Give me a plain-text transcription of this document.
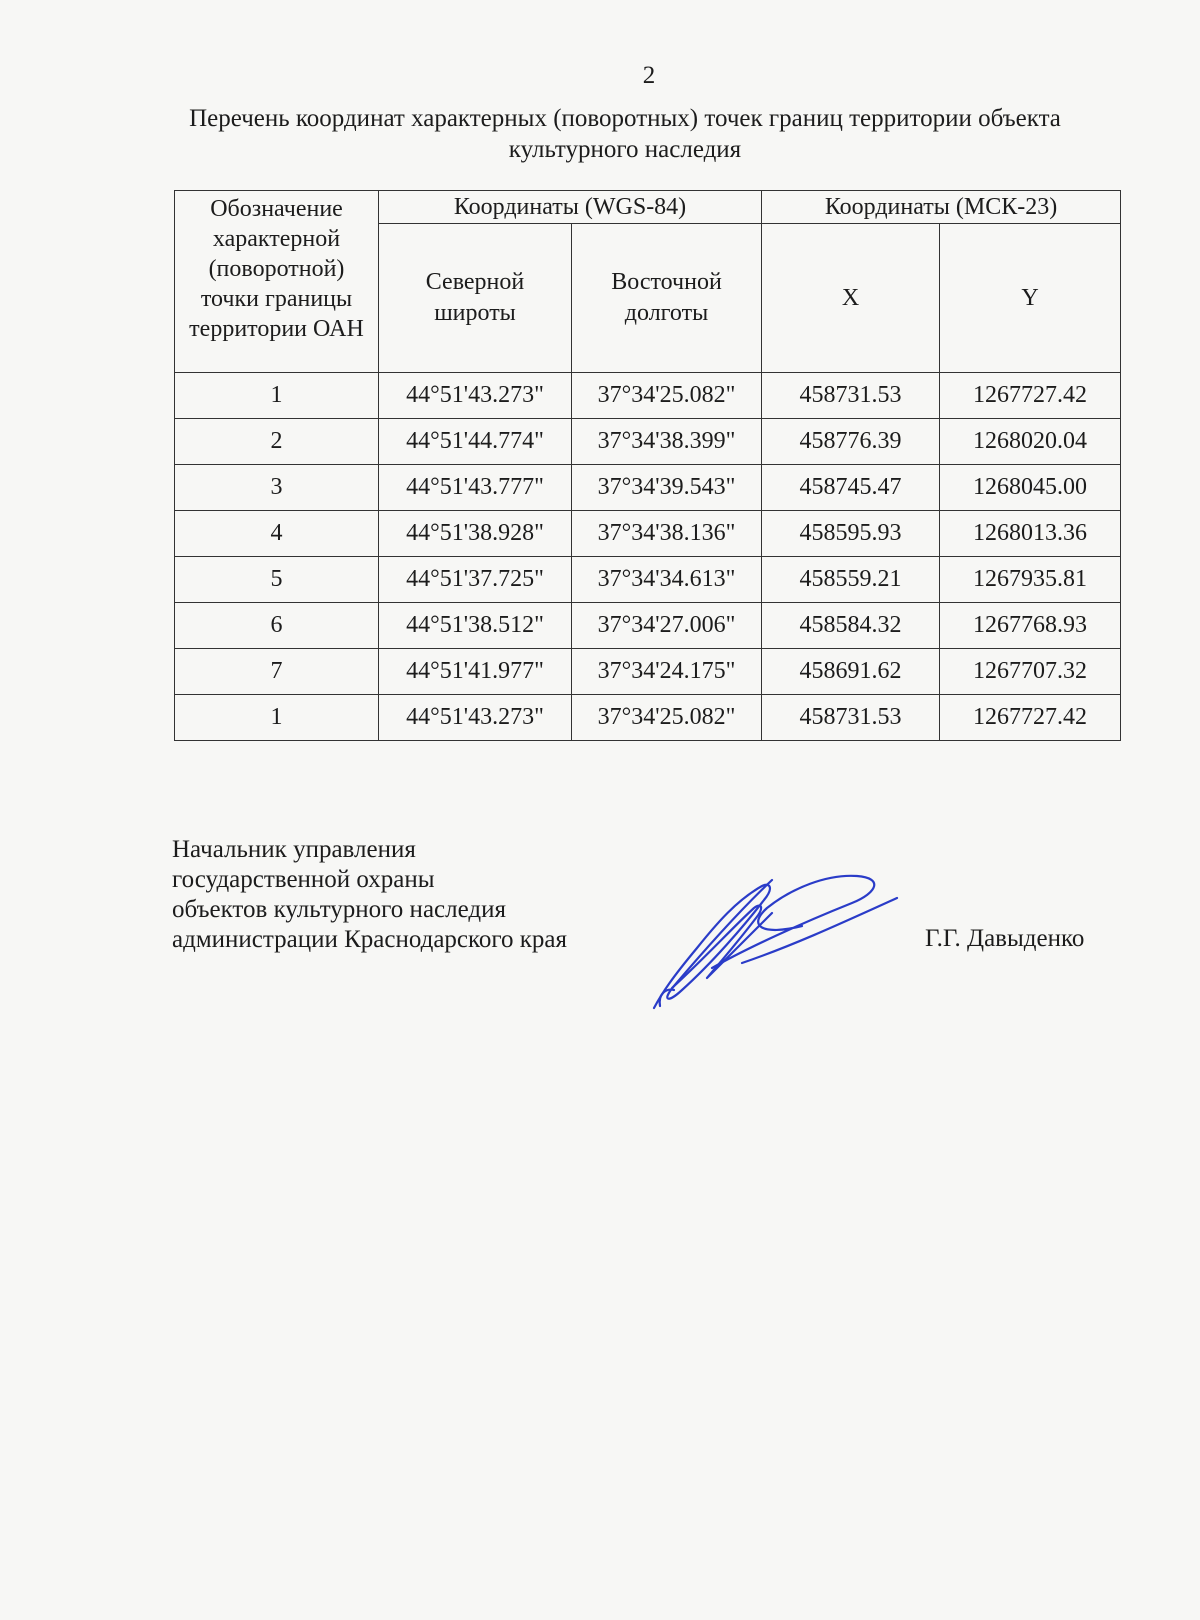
2
Перечень координат характерных (поворотных) точек границ территории объекта культурного наследия
Обозначение характерной (поворотной) точки границы территории ОАН	Координаты (WGS-84)		Координаты (МСК-23)	
	Северной широты	Восточной долготы	X	Y
1	44°51'43.273"	37°34'25.082"	458731.53	1267727.42
2	44°51'44.774"	37°34'38.399"	458776.39	1268020.04
3	44°51'43.777"	37°34'39.543"	458745.47	1268045.00
4	44°51'38.928"	37°34'38.136"	458595.93	1268013.36
5	44°51'37.725"	37°34'34.613"	458559.21	1267935.81
6	44°51'38.512"	37°34'27.006"	458584.32	1267768.93
7	44°51'41.977"	37°34'24.175"	458691.62	1267707.32
1	44°51'43.273"	37°34'25.082"	458731.53	1267727.42
Начальник управления
государственной охраны
объектов культурного наследия
администрации Краснодарского края	Г.Г. Давыденко
